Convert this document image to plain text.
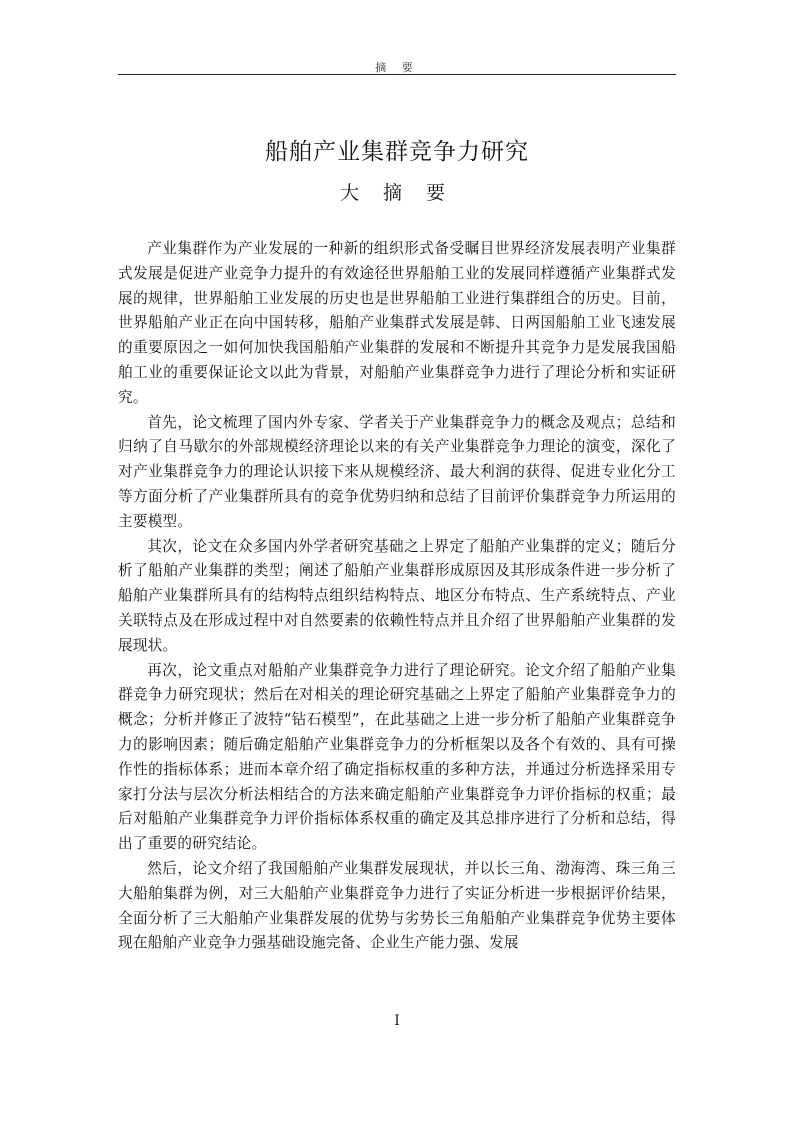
摘 要
船舶产业集群竞争力研究
大 摘 要

产业集群作为产业发展的一种新的组织形式备受瞩目世界经济发展表明产业集群式发展是促进产业竞争力提升的有效途径世界船舶工业的发展同样遵循产业集群式发展的规律，世界船舶工业发展的历史也是世界船舶工业进行集群组合的历史。目前，世界船舶产业正在向中国转移，船舶产业集群式发展是韩、日两国船舶工业飞速发展的重要原因之一如何加快我国船舶产业集群的发展和不断提升其竞争力是发展我国船舶工业的重要保证论文以此为背景，对船舶产业集群竞争力进行了理论分析和实证研究。

首先，论文梳理了国内外专家、学者关于产业集群竞争力的概念及观点；总结和归纳了自马歇尔的外部规模经济理论以来的有关产业集群竞争力理论的演变，深化了对产业集群竞争力的理论认识接下来从规模经济、最大利润的获得、促进专业化分工等方面分析了产业集群所具有的竞争优势归纳和总结了目前评价集群竞争力所运用的主要模型。

其次，论文在众多国内外学者研究基础之上界定了船舶产业集群的定义；随后分析了船舶产业集群的类型；阐述了船舶产业集群形成原因及其形成条件进一步分析了船舶产业集群所具有的结构特点组织结构特点、地区分布特点、生产系统特点、产业关联特点及在形成过程中对自然要素的依赖性特点并且介绍了世界船舶产业集群的发展现状。

再次，论文重点对船舶产业集群竞争力进行了理论研究。论文介绍了船舶产业集群竞争力研究现状；然后在对相关的理论研究基础之上界定了船舶产业集群竞争力的概念；分析并修正了波特“钻石模型”，在此基础之上进一步分析了船舶产业集群竞争力的影响因素；随后确定船舶产业集群竞争力的分析框架以及各个有效的、具有可操作性的指标体系；进而本章介绍了确定指标权重的多种方法，并通过分析选择采用专家打分法与层次分析法相结合的方法来确定船舶产业集群竞争力评价指标的权重；最后对船舶产业集群竞争力评价指标体系权重的确定及其总排序进行了分析和总结，得出了重要的研究结论。

然后，论文介绍了我国船舶产业集群发展现状，并以长三角、渤海湾、珠三角三大船舶集群为例，对三大船舶产业集群竞争力进行了实证分析进一步根据评价结果，全面分析了三大船舶产业集群发展的优势与劣势长三角船舶产业集群竞争优势主要体现在船舶产业竞争力强基础设施完备、企业生产能力强、发展

I
